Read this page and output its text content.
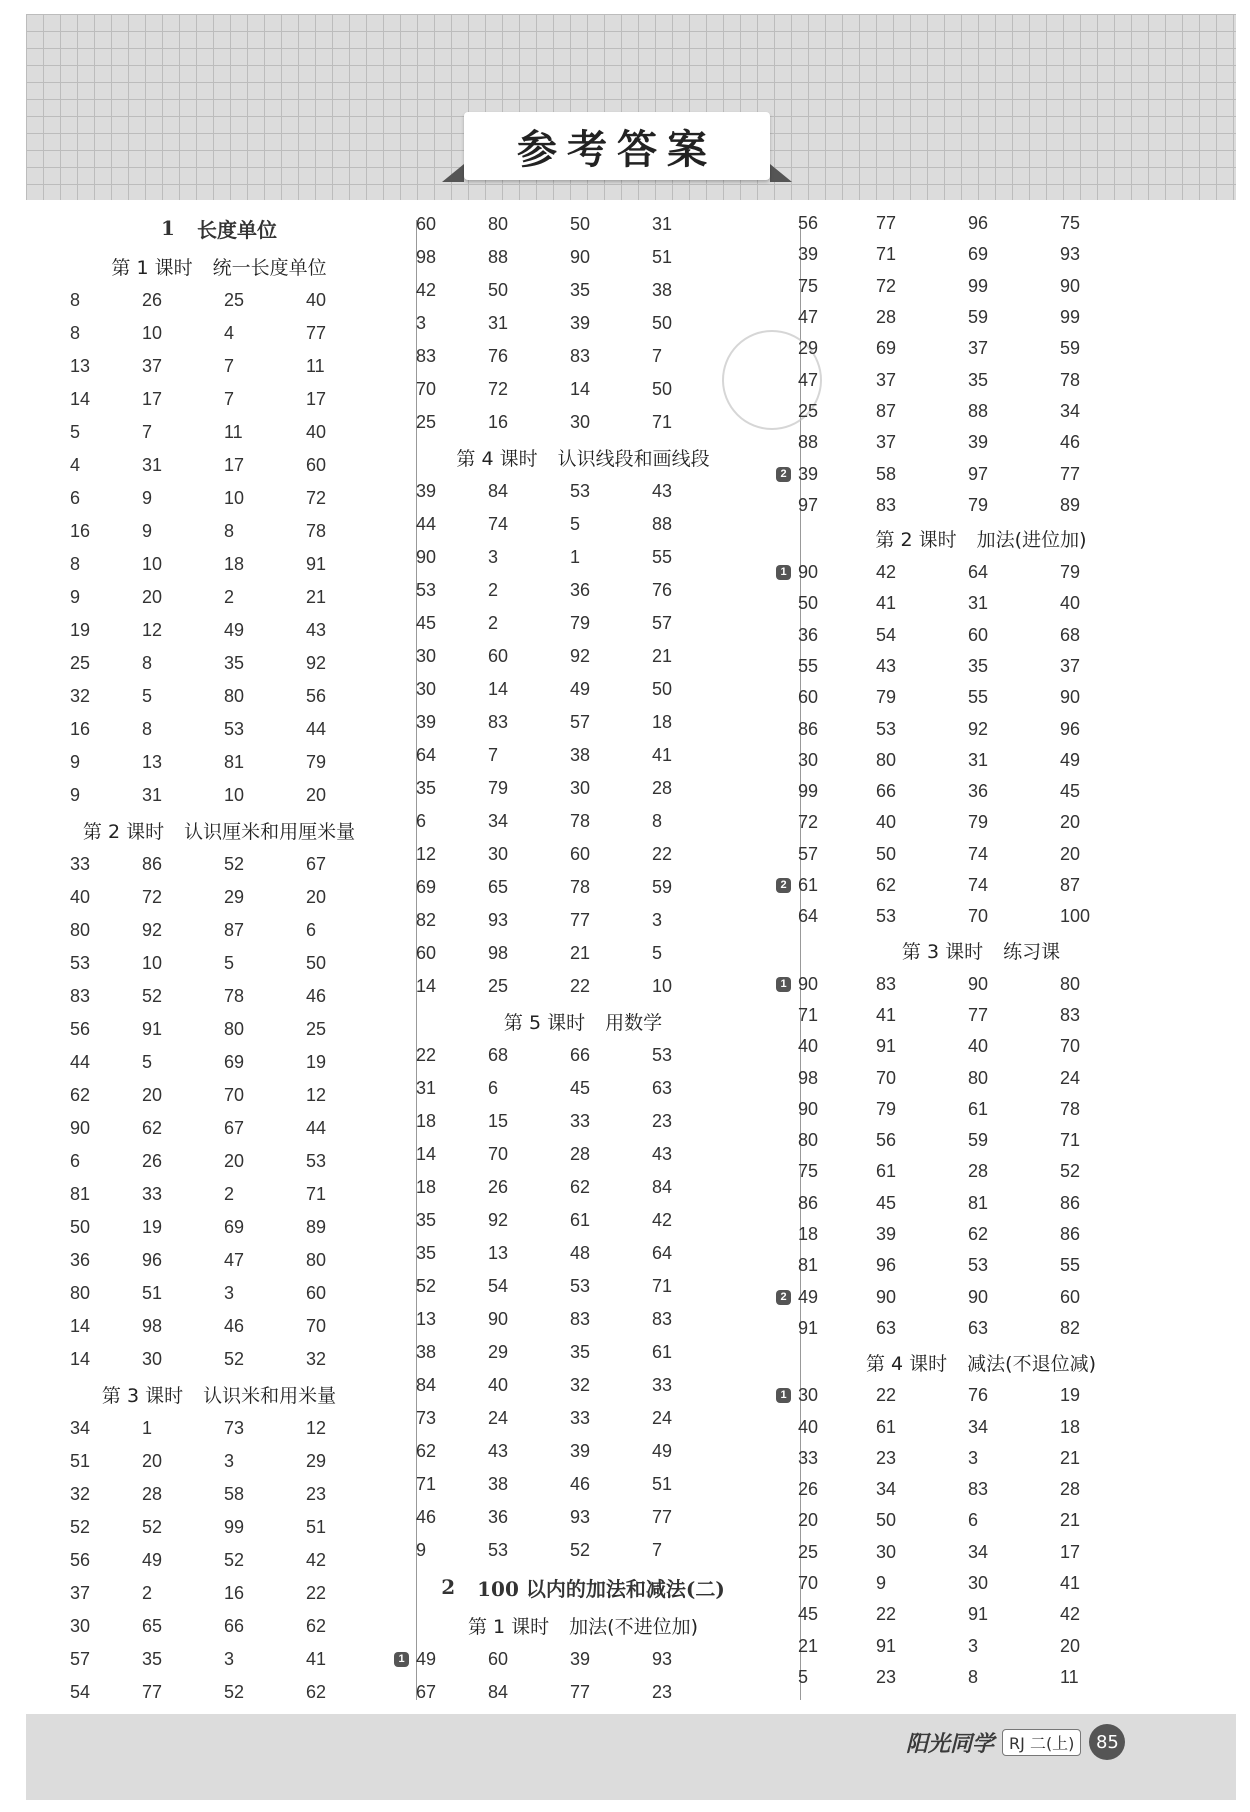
参考答案
1 长度单位
第 1 课时 统一长度单位
8	26	25	40
8	10	4	77
13	37	7	11
14	17	7	17
5	7	11	40
4	31	17	60
6	9	10	72
16	9	8	78
8	10	18	91
9	20	2	21
19	12	49	43
25	8	35	92
32	5	80	56
16	8	53	44
9	13	81	79
9	31	10	20
第 2 课时 认识厘米和用厘米量
33	86	52	67
40	72	29	20
80	92	87	6
53	10	5	50
83	52	78	46
56	91	80	25
44	5	69	19
62	20	70	12
90	62	67	44
6	26	20	53
81	33	2	71
50	19	69	89
36	96	47	80
80	51	3	60
14	98	46	70
14	30	52	32
第 3 课时 认识米和用米量
34	1	73	12
51	20	3	29
32	28	58	23
52	52	99	51
56	49	52	42
37	2	16	22
30	65	66	62
57	35	3	41
54	77	52	62
60	80	50	31
98	88	90	51
42	50	35	38
3	31	39	50
83	76	83	7
70	72	14	50
25	16	30	71
第 4 课时 认识线段和画线段
39	84	53	43
44	74	5	88
90	3	1	55
53	2	36	76
45	2	79	57
30	60	92	21
30	14	49	50
39	83	57	18
64	7	38	41
35	79	30	28
6	34	78	8
12	30	60	22
69	65	78	59
82	93	77	3
60	98	21	5
14	25	22	10
第 5 课时 用数学
22	68	66	53
31	6	45	63
18	15	33	23
14	70	28	43
18	26	62	84
35	92	61	42
35	13	48	64
52	54	53	71
13	90	83	83
38	29	35	61
84	40	32	33
73	24	33	24
62	43	39	49
71	38	46	51
46	36	93	77
9	53	52	7
2 100 以内的加法和减法(二)
第 1 课时 加法(不进位加)
1 49	60	39	93
67	84	77	23
56	77	96	75
39	71	69	93
75	72	99	90
47	28	59	99
29	69	37	59
47	37	35	78
25	87	88	34
88	37	39	46
2 39	58	97	77
97	83	79	89
第 2 课时 加法(进位加)
1 90	42	64	79
50	41	31	40
36	54	60	68
55	43	35	37
60	79	55	90
86	53	92	96
30	80	31	49
99	66	36	45
72	40	79	20
57	50	74	20
2 61	62	74	87
64	53	70	100
第 3 课时 练习课
1 90	83	90	80
71	41	77	83
40	91	40	70
98	70	80	24
90	79	61	78
80	56	59	71
75	61	28	52
86	45	81	86
18	39	62	86
81	96	53	55
2 49	90	90	60
91	63	63	82
第 4 课时 减法(不退位减)
1 30	22	76	19
40	61	34	18
33	23	3	21
26	34	83	28
20	50	6	21
25	30	34	17
70	9	30	41
45	22	91	42
21	91	3	20
5	23	8	11
阳光同学 RJ 二(上)	85
